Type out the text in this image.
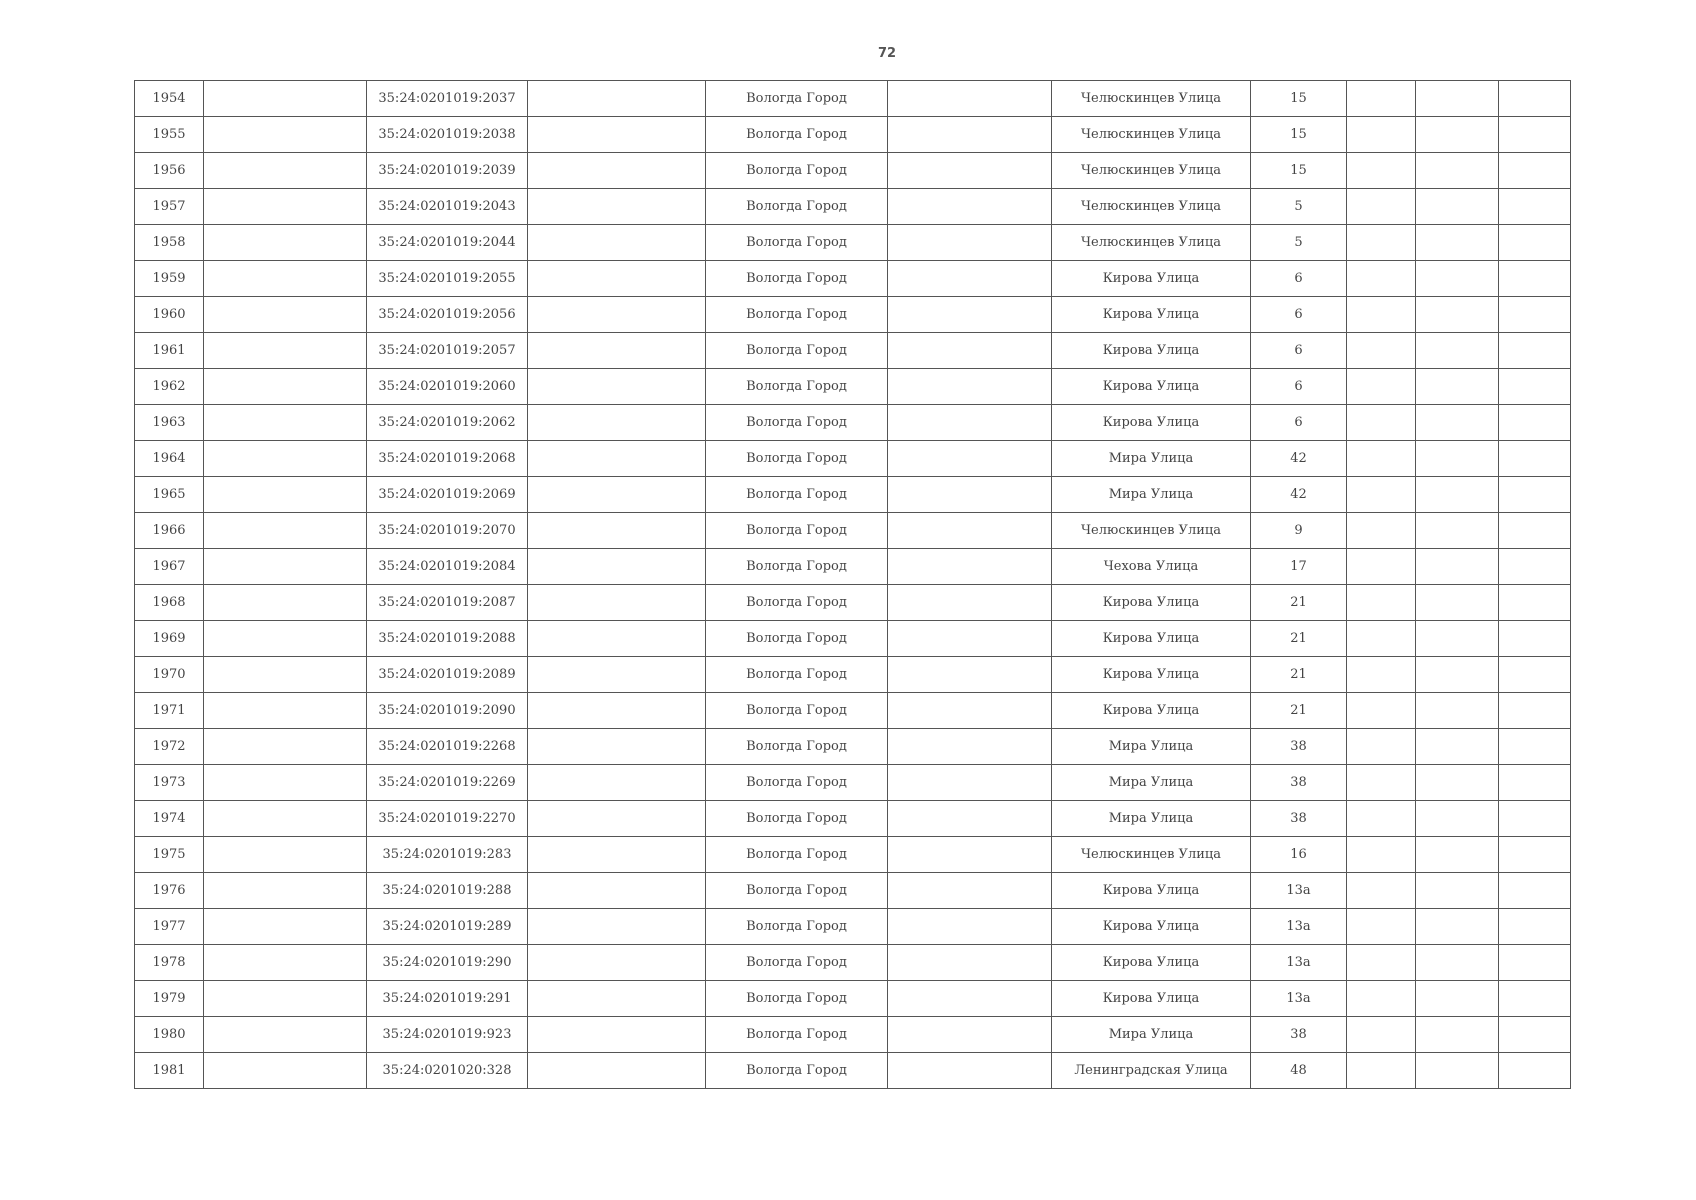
72
1954		35:24:0201019:2037		Вологда Город		Челюскинцев Улица	15			
1955		35:24:0201019:2038		Вологда Город		Челюскинцев Улица	15			
1956		35:24:0201019:2039		Вологда Город		Челюскинцев Улица	15			
1957		35:24:0201019:2043		Вологда Город		Челюскинцев Улица	5			
1958		35:24:0201019:2044		Вологда Город		Челюскинцев Улица	5			
1959		35:24:0201019:2055		Вологда Город		Кирова Улица	6			
1960		35:24:0201019:2056		Вологда Город		Кирова Улица	6			
1961		35:24:0201019:2057		Вологда Город		Кирова Улица	6			
1962		35:24:0201019:2060		Вологда Город		Кирова Улица	6			
1963		35:24:0201019:2062		Вологда Город		Кирова Улица	6			
1964		35:24:0201019:2068		Вологда Город		Мира Улица	42			
1965		35:24:0201019:2069		Вологда Город		Мира Улица	42			
1966		35:24:0201019:2070		Вологда Город		Челюскинцев Улица	9			
1967		35:24:0201019:2084		Вологда Город		Чехова Улица	17			
1968		35:24:0201019:2087		Вологда Город		Кирова Улица	21			
1969		35:24:0201019:2088		Вологда Город		Кирова Улица	21			
1970		35:24:0201019:2089		Вологда Город		Кирова Улица	21			
1971		35:24:0201019:2090		Вологда Город		Кирова Улица	21			
1972		35:24:0201019:2268		Вологда Город		Мира Улица	38			
1973		35:24:0201019:2269		Вологда Город		Мира Улица	38			
1974		35:24:0201019:2270		Вологда Город		Мира Улица	38			
1975		35:24:0201019:283		Вологда Город		Челюскинцев Улица	16			
1976		35:24:0201019:288		Вологда Город		Кирова Улица	13а			
1977		35:24:0201019:289		Вологда Город		Кирова Улица	13а			
1978		35:24:0201019:290		Вологда Город		Кирова Улица	13а			
1979		35:24:0201019:291		Вологда Город		Кирова Улица	13а			
1980		35:24:0201019:923		Вологда Город		Мира Улица	38			
1981		35:24:0201020:328		Вологда Город		Ленинградская Улица	48			
